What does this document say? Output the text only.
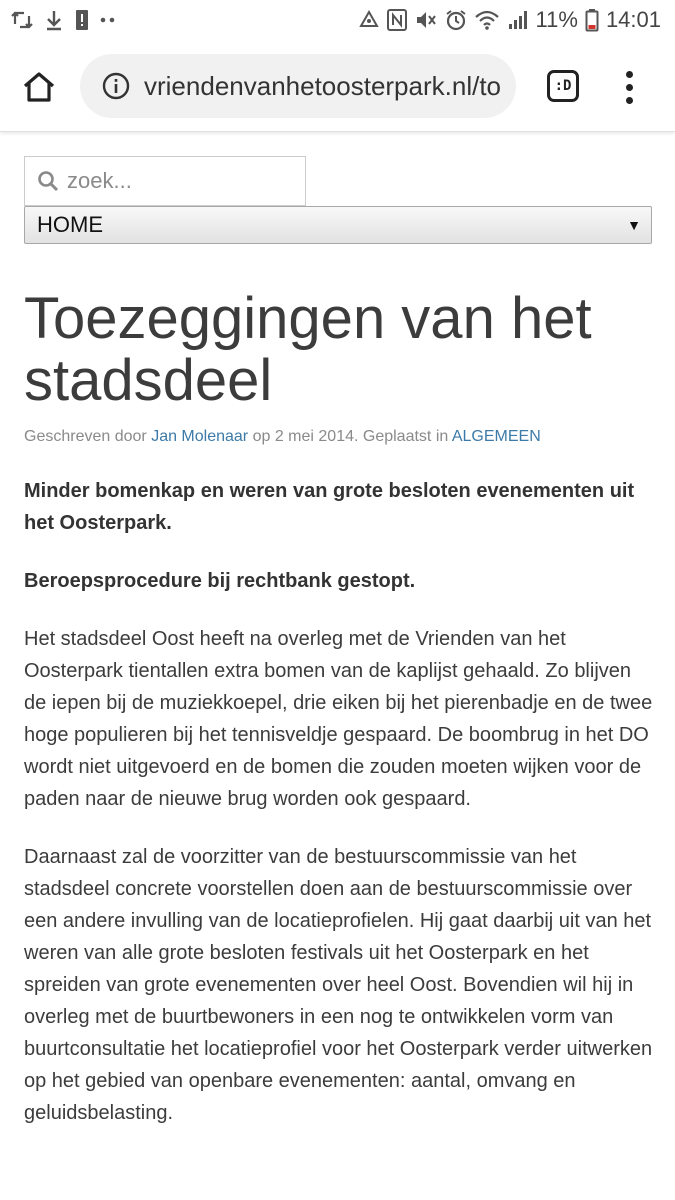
11% 14:01
vriendenvanhetoosterpark.nl/to	:D
zoek...
HOME	▼
Toezeggingen van het stadsdeel
Geschreven door Jan Molenaar op 2 mei 2014. Geplaatst in ALGEMEEN

Minder bomenkap en weren van grote besloten evenementen uit het Oosterpark.

Beroepsprocedure bij rechtbank gestopt.

Het stadsdeel Oost heeft na overleg met de Vrienden van het Oosterpark tientallen extra bomen van de kaplijst gehaald. Zo blijven de iepen bij de muziekkoepel, drie eiken bij het pierenbadje en de twee hoge populieren bij het tennisveldje gespaard. De boombrug in het DO wordt niet uitgevoerd en de bomen die zouden moeten wijken voor de paden naar de nieuwe brug worden ook gespaard.

Daarnaast zal de voorzitter van de bestuurscommissie van het stadsdeel concrete voorstellen doen aan de bestuurscommissie over een andere invulling van de locatieprofielen. Hij gaat daarbij uit van het weren van alle grote besloten festivals uit het Oosterpark en het spreiden van grote evenementen over heel Oost. Bovendien wil hij in overleg met de buurtbewoners in een nog te ontwikkelen vorm van buurtconsultatie het locatieprofiel voor het Oosterpark verder uitwerken op het gebied van openbare evenementen: aantal, omvang en geluidsbelasting.
